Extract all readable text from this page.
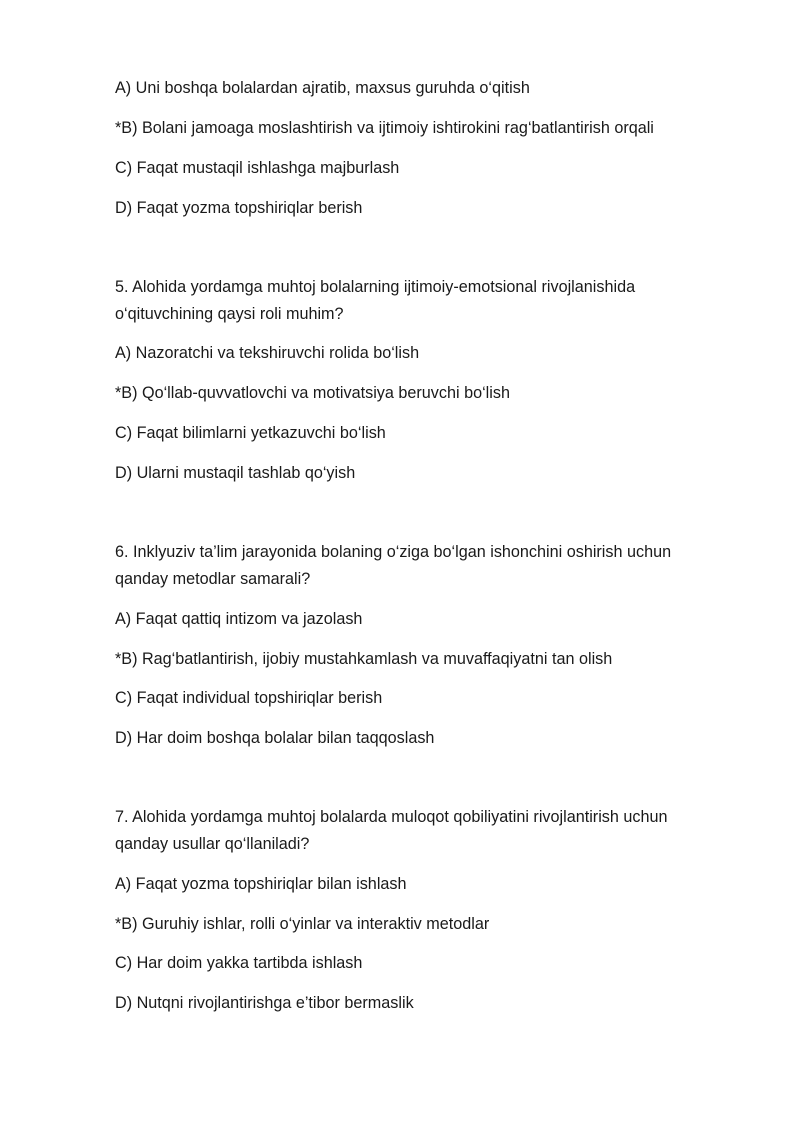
A) Uni boshqa bolalardan ajratib, maxsus guruhda o‘qitish
*B) Bolani jamoaga moslashtirish va ijtimoiy ishtirokini rag‘batlantirish orqali
C) Faqat mustaqil ishlashga majburlash
D) Faqat yozma topshiriqlar berish
5. Alohida yordamga muhtoj bolalarning ijtimoiy-emotsional rivojlanishida
o‘qituvchining qaysi roli muhim?
A) Nazoratchi va tekshiruvchi rolida bo‘lish
*B) Qo‘llab-quvvatlovchi va motivatsiya beruvchi bo‘lish
C) Faqat bilimlarni yetkazuvchi bo‘lish
D) Ularni mustaqil tashlab qo‘yish
6. Inklyuziv ta’lim jarayonida bolaning o‘ziga bo‘lgan ishonchini oshirish uchun
qanday metodlar samarali?
A) Faqat qattiq intizom va jazolash
*B) Rag‘batlantirish, ijobiy mustahkamlash va muvaffaqiyatni tan olish
C) Faqat individual topshiriqlar berish
D) Har doim boshqa bolalar bilan taqqoslash
7. Alohida yordamga muhtoj bolalarda muloqot qobiliyatini rivojlantirish uchun
qanday usullar qo‘llaniladi?
A) Faqat yozma topshiriqlar bilan ishlash
*B) Guruhiy ishlar, rolli o‘yinlar va interaktiv metodlar
C) Har doim yakka tartibda ishlash
D) Nutqni rivojlantirishga e’tibor bermaslik
